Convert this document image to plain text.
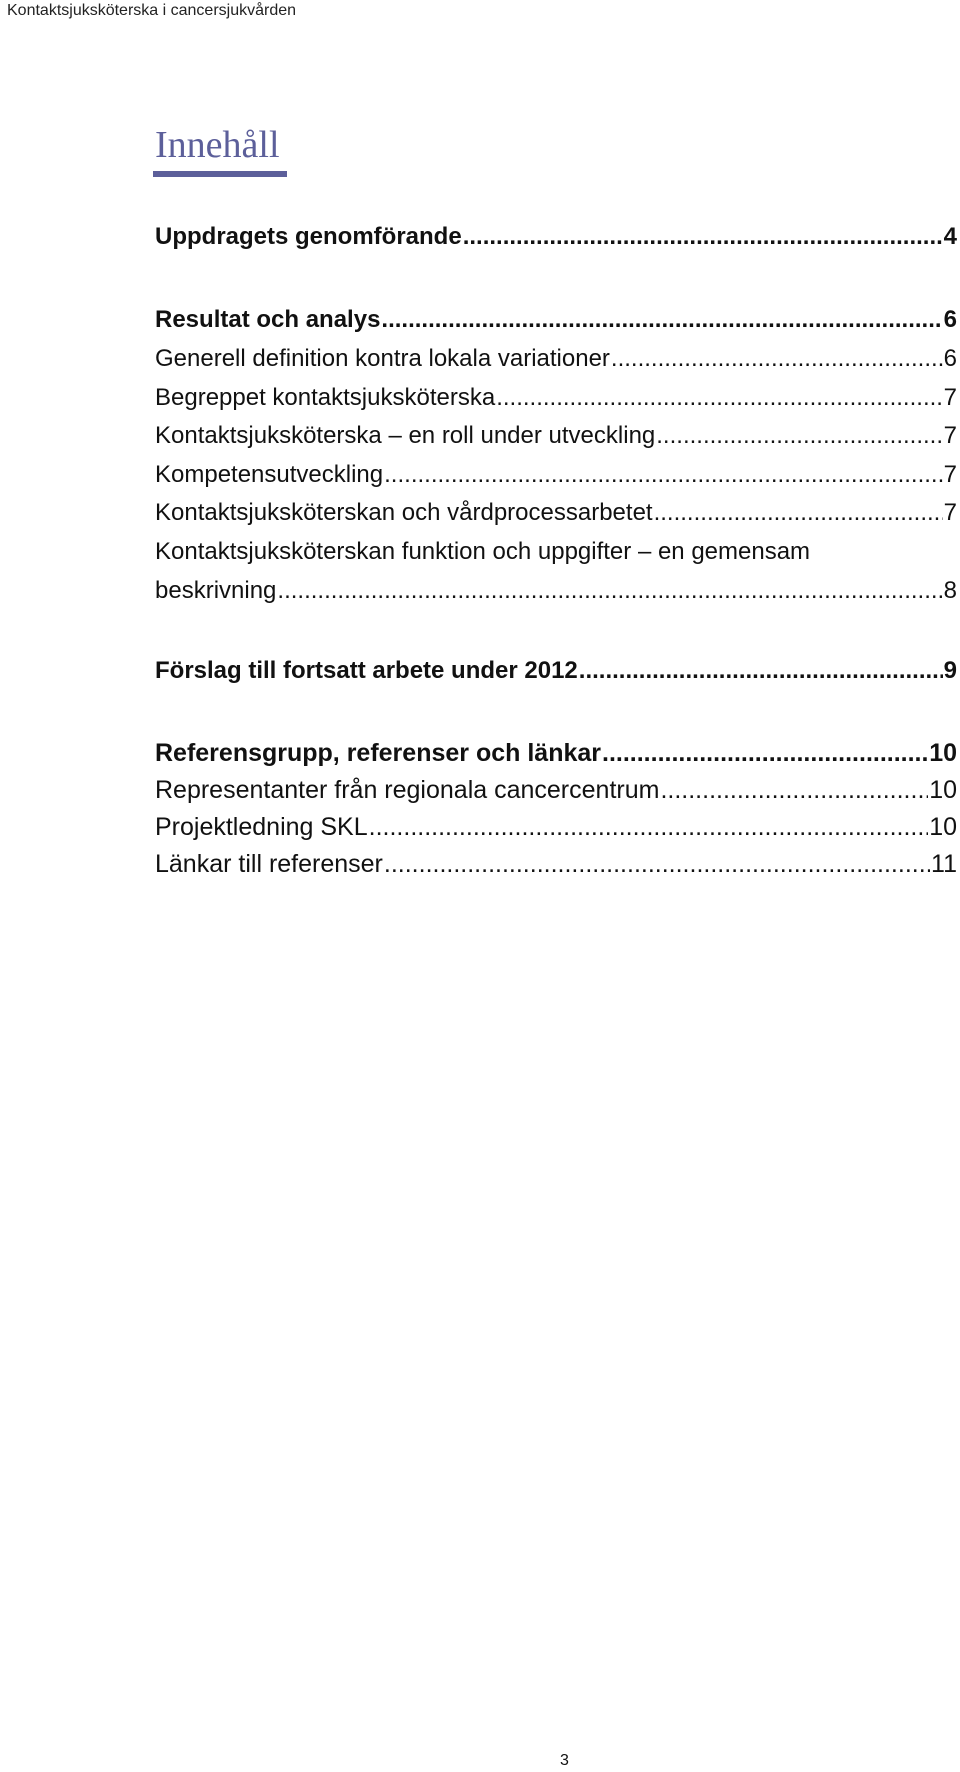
Kontaktsjuksköterska i cancersjukvården
Innehåll
Uppdragets genomförande .....	4
Resultat och analys .....	6
Generell definition kontra lokala variationer .....	6
Begreppet kontaktsjuksköterska .....	7
Kontaktsjuksköterska – en roll under utveckling .....	7
Kompetensutveckling .....	7
Kontaktsjuksköterskan och vårdprocessarbetet .....	7
Kontaktsjuksköterskan funktion och uppgifter – en gemensam
beskrivning .....	8
Förslag till fortsatt arbete under 2012 .....	9
Referensgrupp, referenser och länkar .....	10
Representanter från regionala cancercentrum .....	10
Projektledning SKL .....	10
Länkar till referenser .....	11
3
